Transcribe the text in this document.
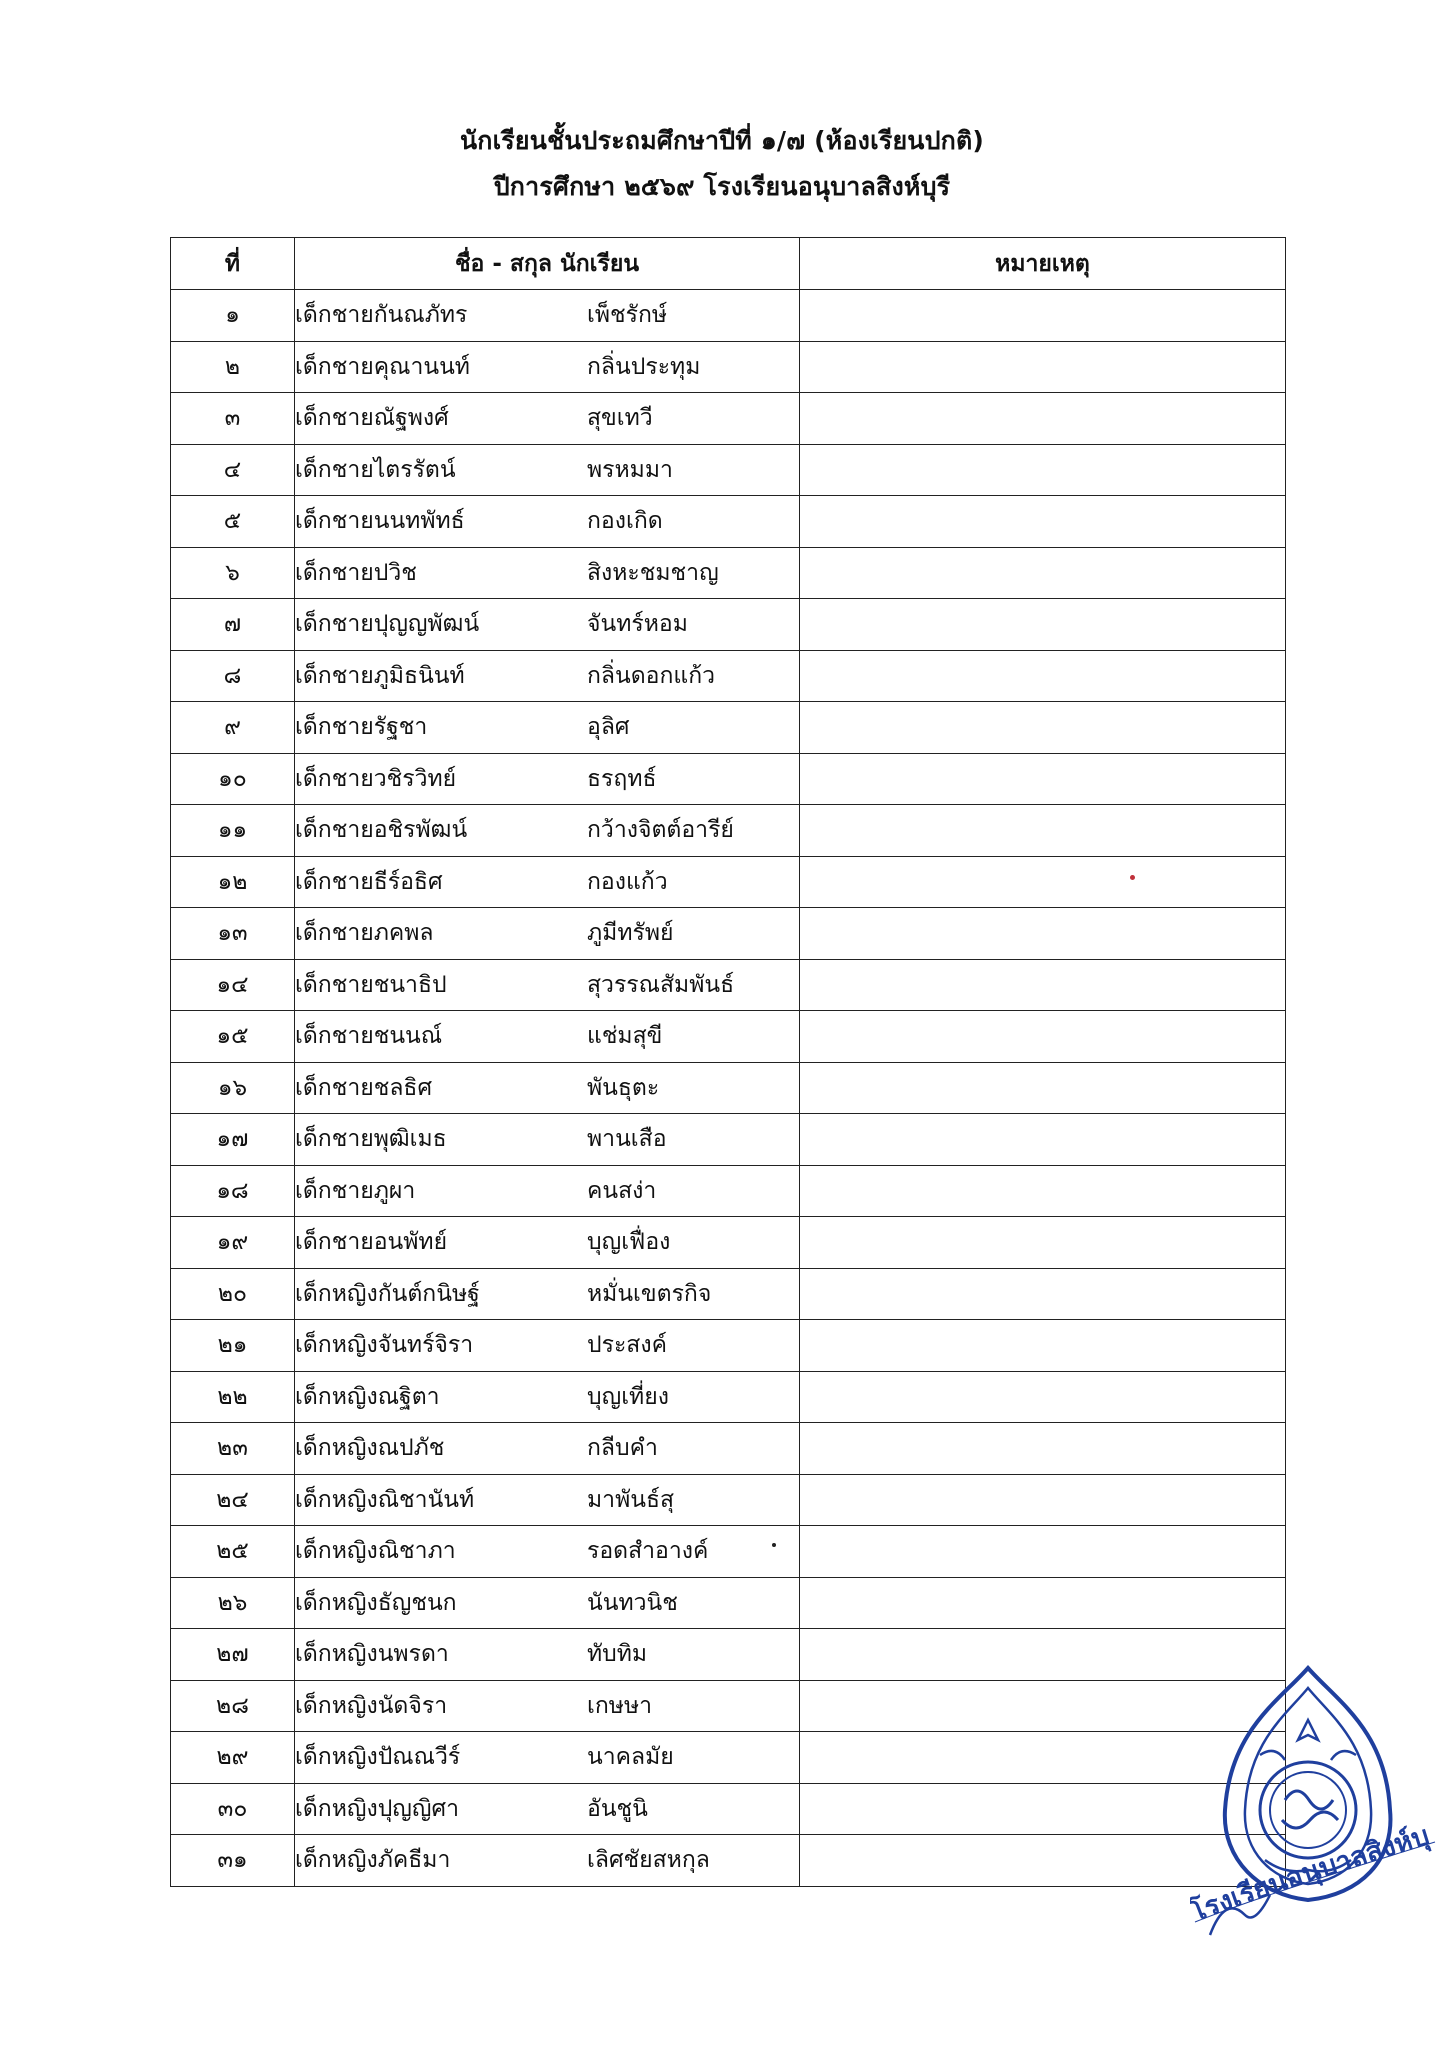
นักเรียนชั้นประถมศึกษาปีที่ ๑/๗ (ห้องเรียนปกติ)
ปีการศึกษา ๒๕๖๙ โรงเรียนอนุบาลสิงห์บุรี
ที่	ชื่อ - สกุล นักเรียน	หมายเหตุ
๑	เด็กชายกันณภัทร เพ็ชรักษ์	
๒	เด็กชายคุณานนท์ กลิ่นประทุม	
๓	เด็กชายณัฐพงศ์ สุขเทวี	
๔	เด็กชายไตรรัตน์ พรหมมา	
๕	เด็กชายนนทพัทธ์ กองเกิด	
๖	เด็กชายปวิช สิงหะชมชาญ	
๗	เด็กชายปุญญพัฒน์ จันทร์หอม	
๘	เด็กชายภูมิธนินท์ กลิ่นดอกแก้ว	
๙	เด็กชายรัฐชา อุลิศ	
๑๐	เด็กชายวชิรวิทย์ ธรฤทธ์	
๑๑	เด็กชายอชิรพัฒน์ กว้างจิตต์อารีย์	
๑๒	เด็กชายธีร์อธิศ กองแก้ว	
๑๓	เด็กชายภคพล ภูมีทรัพย์	
๑๔	เด็กชายชนาธิป สุวรรณสัมพันธ์	
๑๕	เด็กชายชนนณ์ แช่มสุขี	
๑๖	เด็กชายชลธิศ พันธุตะ	
๑๗	เด็กชายพุฒิเมธ พานเสือ	
๑๘	เด็กชายภูผา คนสง่า	
๑๙	เด็กชายอนพัทย์ บุญเฟื่อง	
๒๐	เด็กหญิงกันต์กนิษฐ์ หมั่นเขตรกิจ	
๒๑	เด็กหญิงจันทร์จิรา ประสงค์	
๒๒	เด็กหญิงณฐิตา บุญเที่ยง	
๒๓	เด็กหญิงณปภัช กลีบคำ	
๒๔	เด็กหญิงณิชานันท์ มาพันธ์สุ	
๒๕	เด็กหญิงณิชาภา รอดสำอางค์	
๒๖	เด็กหญิงธัญชนก นันทวนิช	
๒๗	เด็กหญิงนพรดา ทับทิม	
๒๘	เด็กหญิงนัดจิรา เกษษา	
๒๙	เด็กหญิงปัณณวีร์ นาคลมัย	
๓๐	เด็กหญิงปุญญิศา อันชูนิ	
๓๑	เด็กหญิงภัคธีมา เลิศชัยสหกุล	
รงเรียนอนุบาลสิงห์บุ
